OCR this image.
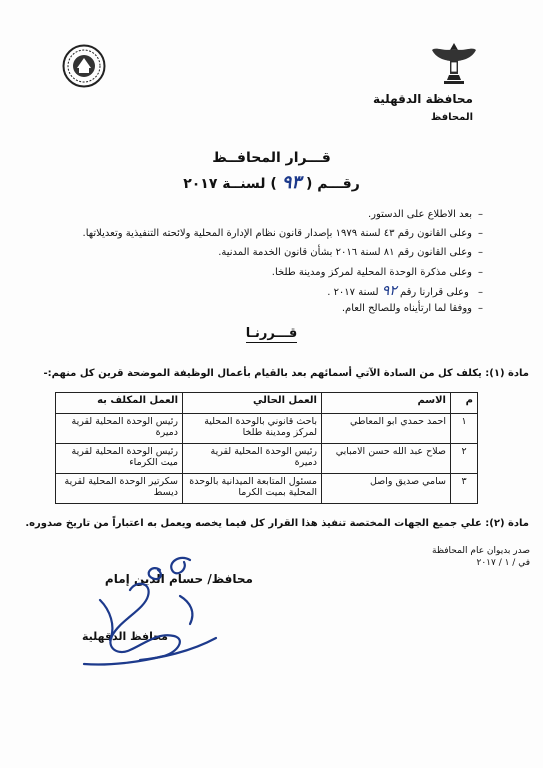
محافظة الدقهلية
المحافظ
قـــرار المحافــظ
رقـــم ( ٩٣ ) لسنــة ٢٠١٧
– بعد الاطلاع على الدستور.
– وعلى القانون رقم ٤٣ لسنة ١٩٧٩ بإصدار قانون نظام الإدارة المحلية ولائحته التنفيذية وتعديلاتها.
– وعلى القانون رقم ٨١ لسنة ٢٠١٦ بشأن قانون الخدمة المدنية.
– وعلى مذكرة الوحدة المحلية لمركز ومدينة طلخا.
– وعلى قرارنا رقم ٩٢ لسنة ٢٠١٧ .
– ووفقا لما ارتأيناه وللصالح العام.
قـــررنـا
مادة (١): يكلف كل من السادة الآتي أسمائهم بعد بالقيام بأعمال الوظيفة الموضحة قرين كل منهم:-
م	الاسم	العمل الحالي	العمل المكلف به
١	احمد حمدي ابو المعاطي	باحث قانوني بالوحدة المحلية لمركز ومدينة طلخا	رئيس الوحدة المحلية لقرية دميرة
٢	صلاح عبد الله حسن الامبابي	رئيس الوحدة المحلية لقرية دميرة	رئيس الوحدة المحلية لقرية ميت الكرماء
٣	سامي صديق واصل	مسئول المتابعة الميدانية بالوحدة المحلية بميت الكرما	سكرتير الوحدة المحلية لقرية ديسط
مادة (٢): علي جميع الجهات المختصة تنفيذ هذا القرار كل فيما يخصه ويعمل به اعتباراً من تاريخ صدوره.
صدر بديوان عام المحافظة
في / ١ / ٢٠١٧
محافظ/ حسام الدين إمام
محافظ الدقهلية
